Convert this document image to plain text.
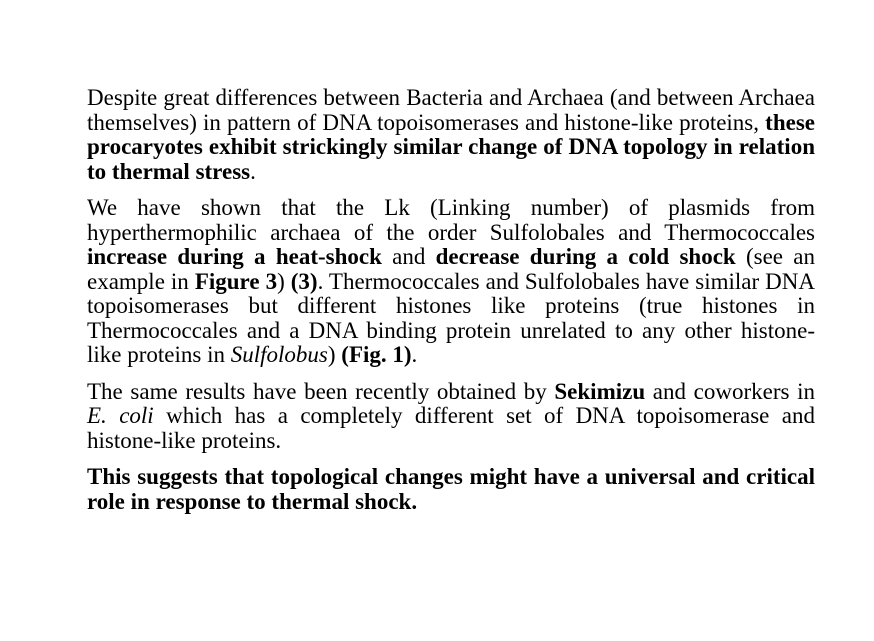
Despite great differences between Bacteria and Archaea (and between Archaea themselves) in pattern of DNA topoisomerases and histone-like proteins, these procaryotes exhibit strickingly similar change of DNA topology in relation to thermal stress.

We have shown that the Lk (Linking number) of plasmids from hyperthermophilic archaea of the order Sulfolobales and Thermococcales increase during a heat-shock and decrease during a cold shock (see an example in Figure 3) (3). Thermococcales and Sulfolobales have similar DNA topoisomerases but different histones like proteins (true histones in Thermococcales and a DNA binding protein unrelated to any other histone-like proteins in Sulfolobus) (Fig. 1).

The same results have been recently obtained by Sekimizu and coworkers in E. coli which has a completely different set of DNA topoisomerase and histone-like proteins.

This suggests that topological changes might have a universal and critical role in response to thermal shock.
